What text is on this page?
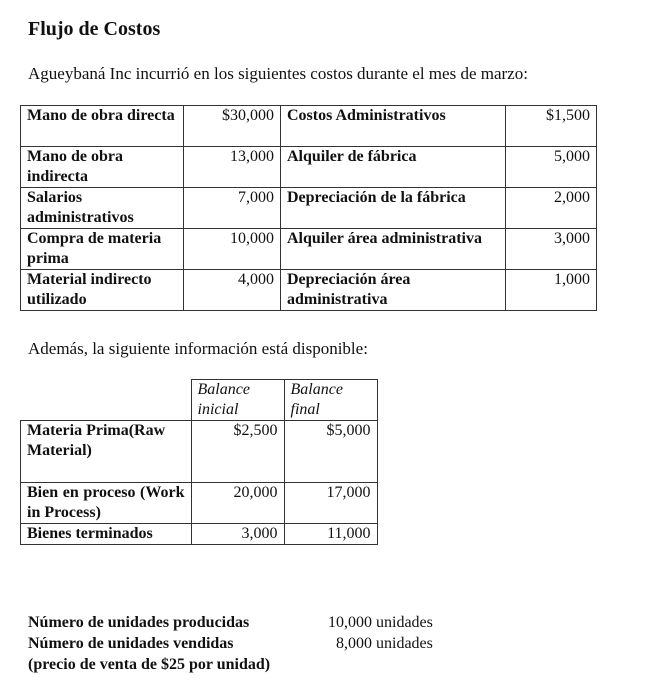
Flujo de Costos
Agueybaná Inc incurrió en los siguientes costos durante el mes de marzo:
Mano de obra directa	$30,000	Costos Administrativos	$1,500
Mano de obra indirecta	13,000	Alquiler de fábrica	5,000
Salarios administrativos	7,000	Depreciación de la fábrica	2,000
Compra de materia prima	10,000	Alquiler área administrativa	3,000
Material indirecto utilizado	4,000	Depreciación área administrativa	1,000
Además, la siguiente información está disponible:
	Balance inicial	Balance final
Materia Prima(Raw Material)	$2,500	$5,000
Bien en proceso (Work in Process)	20,000	17,000
Bienes terminados	3,000	11,000
Número de unidades producidas	10,000 unidades
Número de unidades vendidas	8,000 unidades
(precio de venta de $25 por unidad)
